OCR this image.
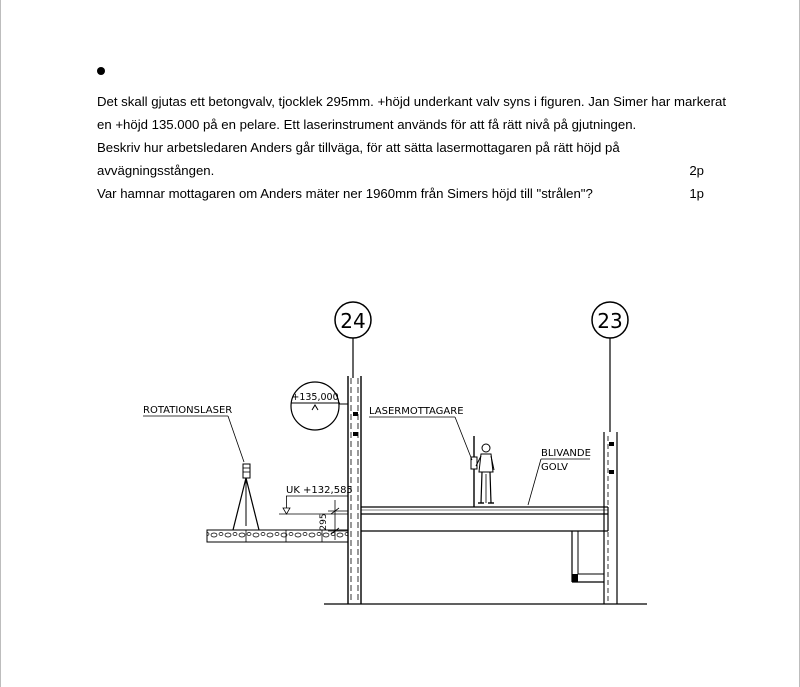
Det skall gjutas ett betongvalv, tjocklek 295mm. +höjd underkant valv syns i figuren. Jan Simer har markerat
en +höjd 135.000 på en pelare. Ett laserinstrument används för att få rätt nivå på gjutningen.
Beskriv hur arbetsledaren Anders går tillväga, för att sätta lasermottagaren på rätt höjd på
avvägningsstången.	2p
Var hamnar mottagaren om Anders mäter ner 1960mm från Simers höjd till "strålen"?	1p
24	23
+135,000
ROTATIONSLASER
UK +132,585
295
LASERMOTTAGARE
BLIVANDE
GOLV
